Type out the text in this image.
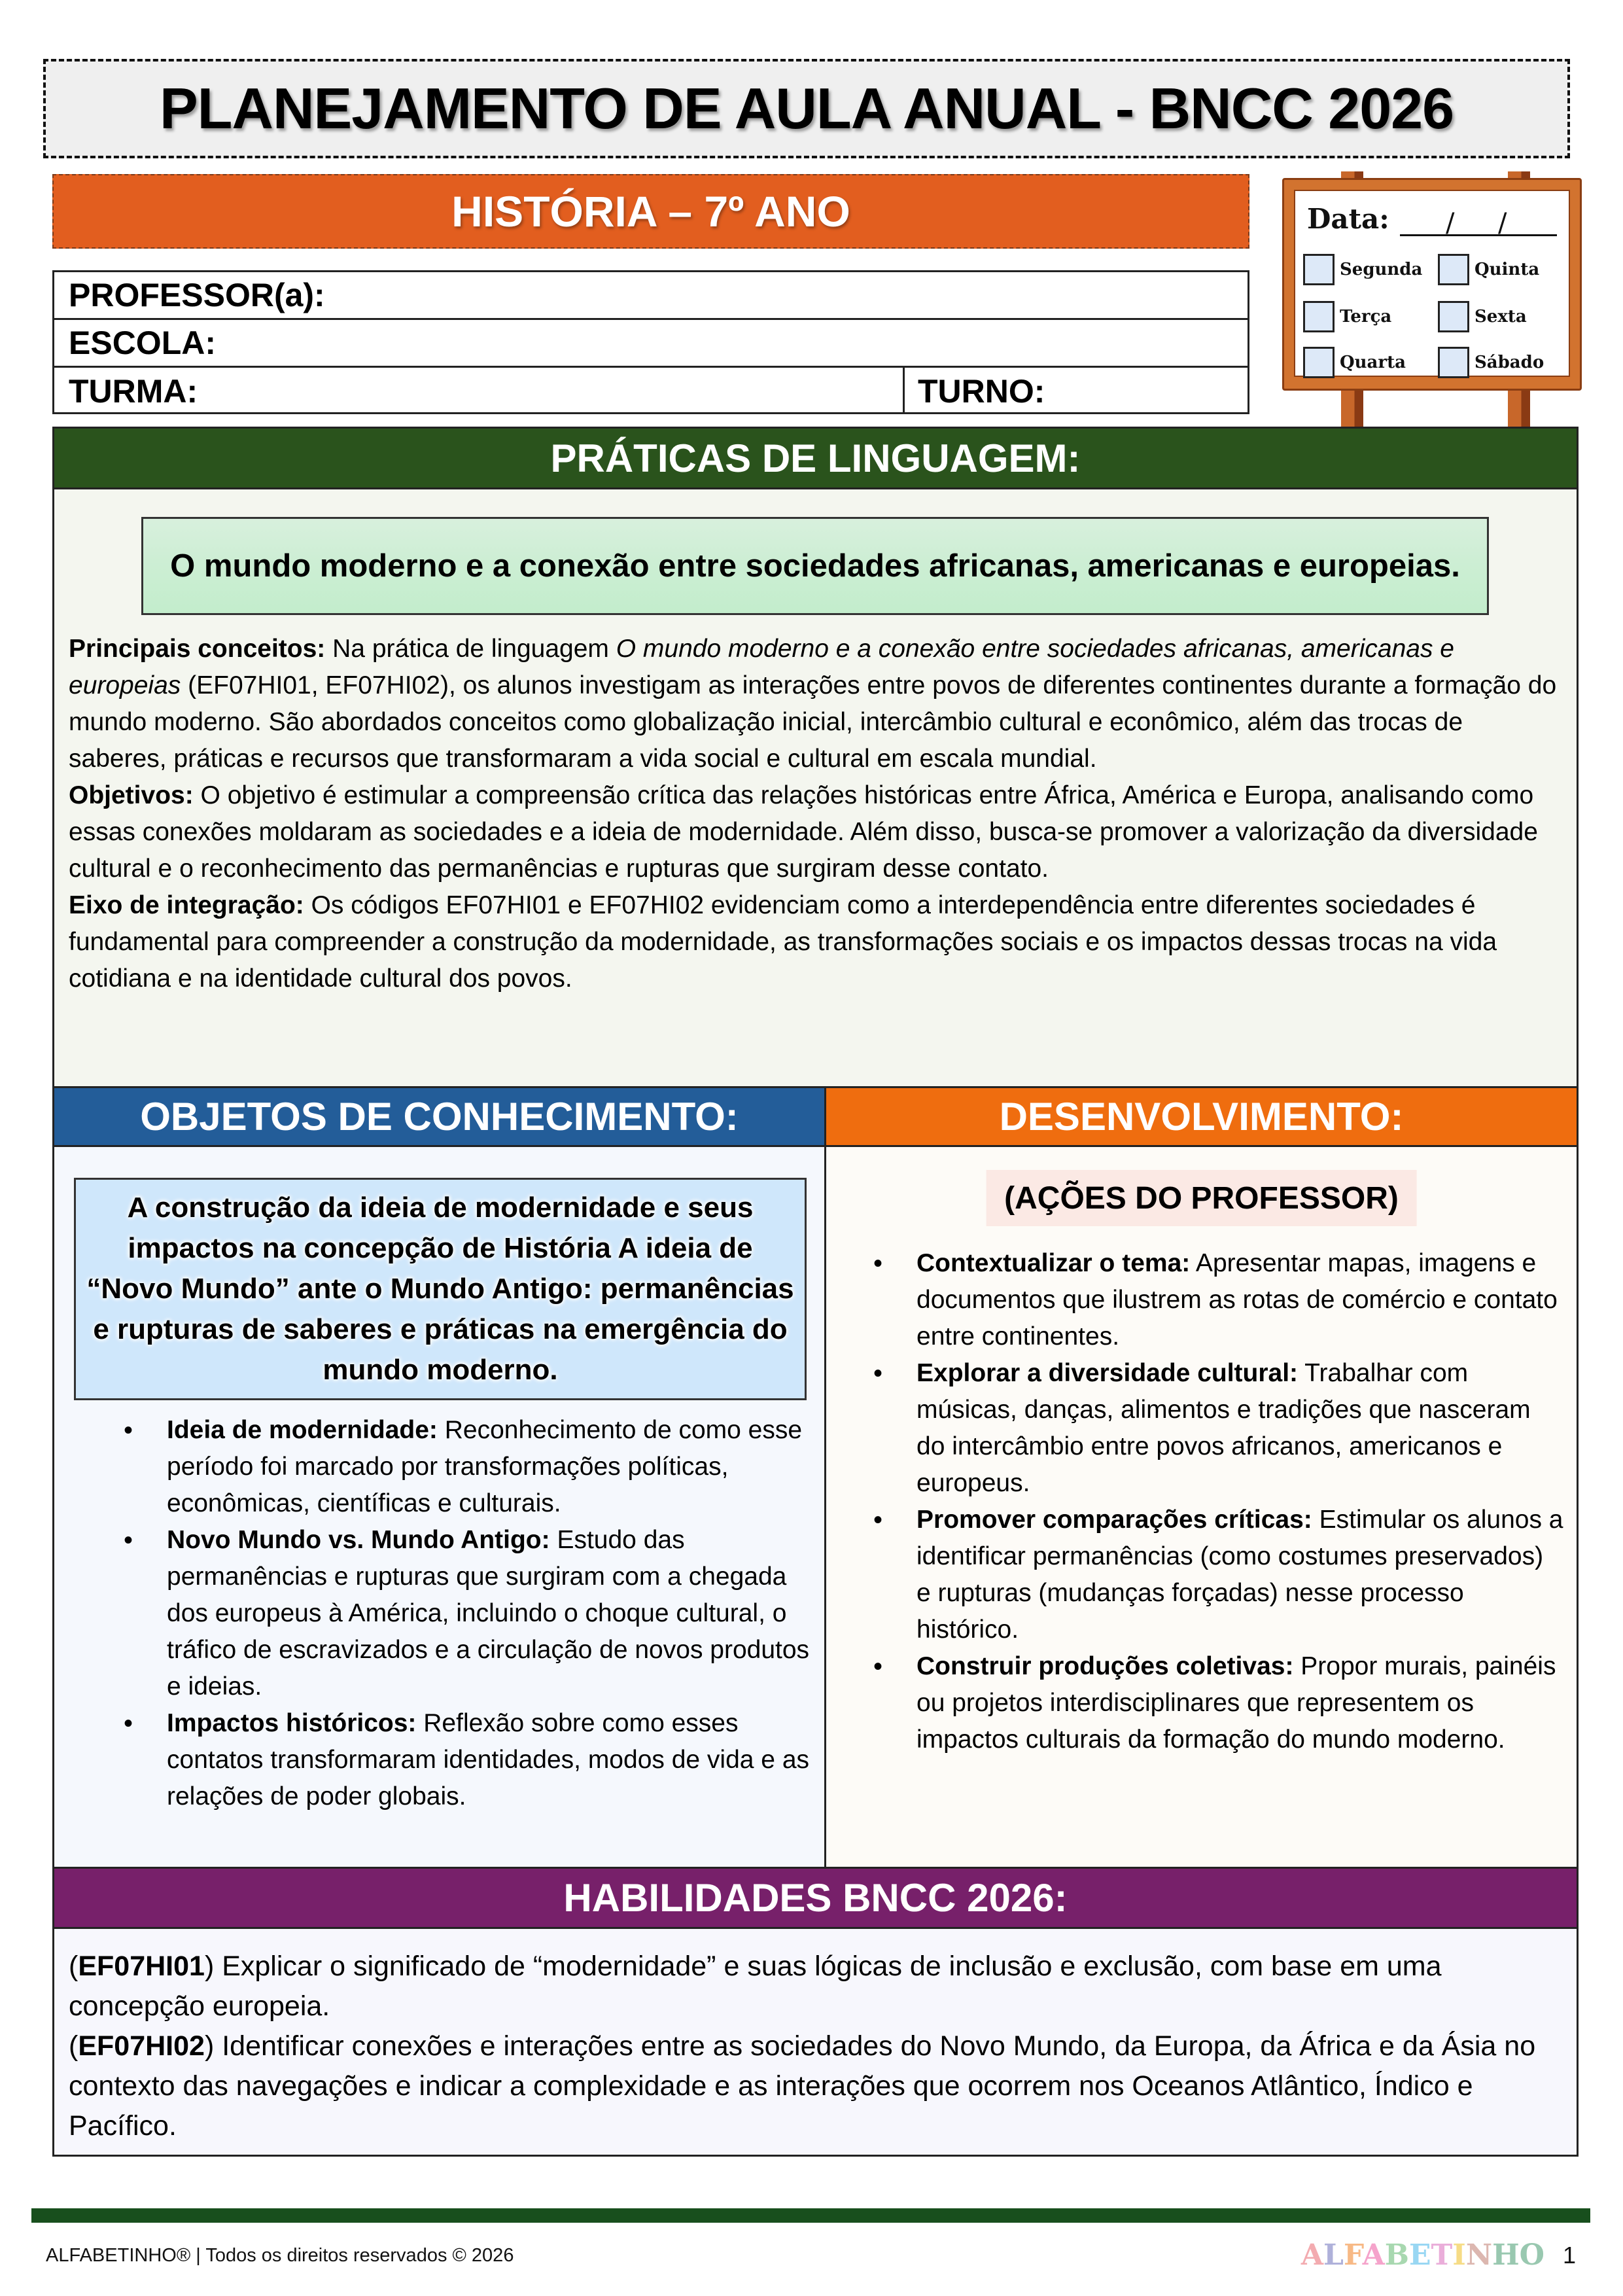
PLANEJAMENTO DE AULA ANUAL - BNCC 2026
HISTÓRIA – 7º ANO
PROFESSOR(a):
ESCOLA:
TURMA:	TURNO:
Data: / /
Segunda	Quinta
Terça	Sexta
Quarta	Sábado
PRÁTICAS DE LINGUAGEM:
O mundo moderno e a conexão entre sociedades africanas, americanas e europeias.

Principais conceitos: Na prática de linguagem O mundo moderno e a conexão entre sociedades africanas, americanas e europeias (EF07HI01, EF07HI02), os alunos investigam as interações entre povos de diferentes continentes durante a formação do mundo moderno. São abordados conceitos como globalização inicial, intercâmbio cultural e econômico, além das trocas de saberes, práticas e recursos que transformaram a vida social e cultural em escala mundial.

Objetivos: O objetivo é estimular a compreensão crítica das relações históricas entre África, América e Europa, analisando como essas conexões moldaram as sociedades e a ideia de modernidade. Além disso, busca-se promover a valorização da diversidade cultural e o reconhecimento das permanências e rupturas que surgiram desse contato.

Eixo de integração: Os códigos EF07HI01 e EF07HI02 evidenciam como a interdependência entre diferentes sociedades é fundamental para compreender a construção da modernidade, as transformações sociais e os impactos dessas trocas na vida cotidiana e na identidade cultural dos povos.

OBJETOS DE CONHECIMENTO:
A construção da ideia de modernidade e seus impactos na concepção de História A ideia de “Novo Mundo” ante o Mundo Antigo: permanências e rupturas de saberes e práticas na emergência do mundo moderno.
• Ideia de modernidade: Reconhecimento de como esse período foi marcado por transformações políticas, econômicas, científicas e culturais.
• Novo Mundo vs. Mundo Antigo: Estudo das permanências e rupturas que surgiram com a chegada dos europeus à América, incluindo o choque cultural, o tráfico de escravizados e a circulação de novos produtos e ideias.
• Impactos históricos: Reflexão sobre como esses contatos transformaram identidades, modos de vida e as relações de poder globais.
DESENVOLVIMENTO:
(AÇÕES DO PROFESSOR)
• Contextualizar o tema: Apresentar mapas, imagens e documentos que ilustrem as rotas de comércio e contato entre continentes.
• Explorar a diversidade cultural: Trabalhar com músicas, danças, alimentos e tradições que nasceram do intercâmbio entre povos africanos, americanos e europeus.
• Promover comparações críticas: Estimular os alunos a identificar permanências (como costumes preservados) e rupturas (mudanças forçadas) nesse processo histórico.
• Construir produções coletivas: Propor murais, painéis ou projetos interdisciplinares que representem os impactos culturais da formação do mundo moderno.
HABILIDADES BNCC 2026:

(EF07HI01) Explicar o significado de “modernidade” e suas lógicas de inclusão e exclusão, com base em uma concepção europeia.

(EF07HI02) Identificar conexões e interações entre as sociedades do Novo Mundo, da Europa, da África e da Ásia no contexto das navegações e indicar a complexidade e as interações que ocorrem nos Oceanos Atlântico, Índico e Pacífico.

ALFABETINHO® | Todos os direitos reservados © 2026	ALFABETINHO 1
